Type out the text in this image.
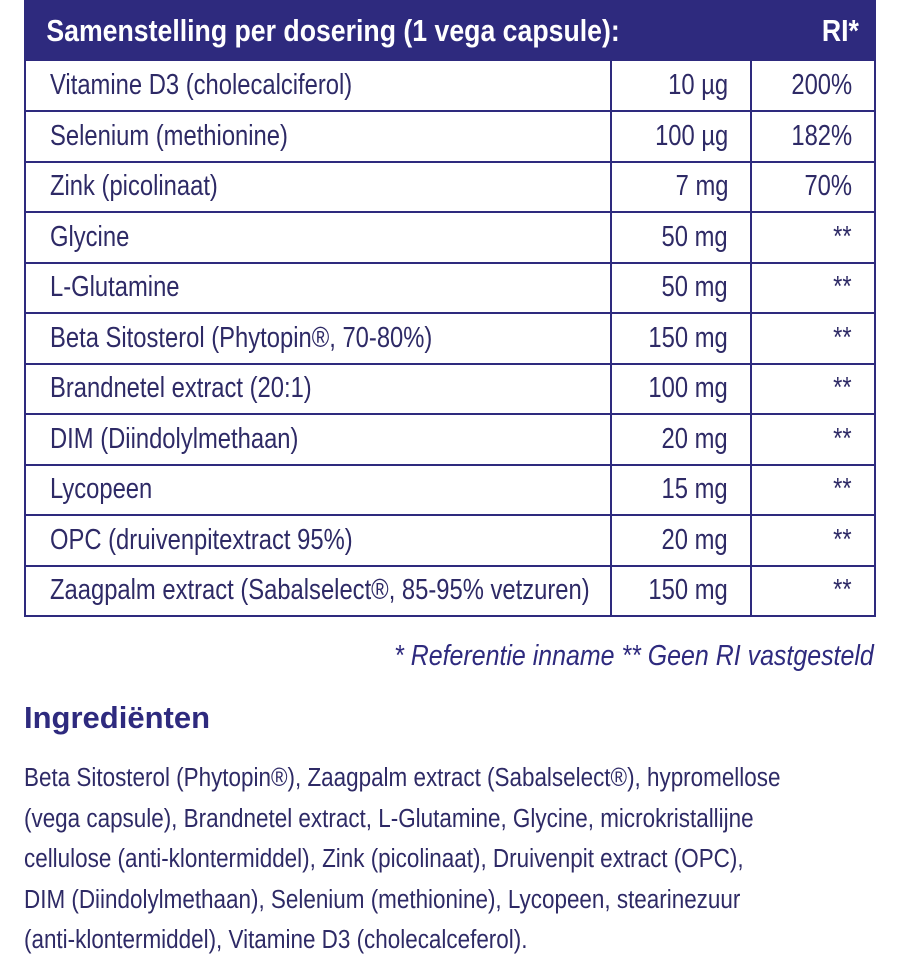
Samenstelling per dosering (1 vega capsule):	RI*
Vitamine D3 (cholecalciferol)	10 µg 200%
Selenium (methionine)	100 µg 182%
Zink (picolinaat)	7 mg	70%
Glycine	50 mg	**
L-Glutamine	50 mg	**
Beta Sitosterol (Phytopin®, 70-80%)	150 mg	**
Brandnetel extract (20:1)	100 mg	**
DIM (Diindolylmethaan)	20 mg	**
Lycopeen	15 mg	**
OPC (druivenpitextract 95%)	20 mg	**
Zaagpalm extract (Sabalselect®, 85-95% vetzuren) 150 mg	**
* Referentie inname ** Geen RI vastgesteld
Ingrediënten
Beta Sitosterol (Phytopin®), Zaagpalm extract (Sabalselect®), hypromellose
(vega capsule), Brandnetel extract, L-Glutamine, Glycine, microkristallijne
cellulose (anti-klontermiddel), Zink (picolinaat), Druivenpit extract (OPC),
DIM (Diindolylmethaan), Selenium (methionine), Lycopeen, stearinezuur
(anti-klontermiddel), Vitamine D3 (cholecalceferol).
